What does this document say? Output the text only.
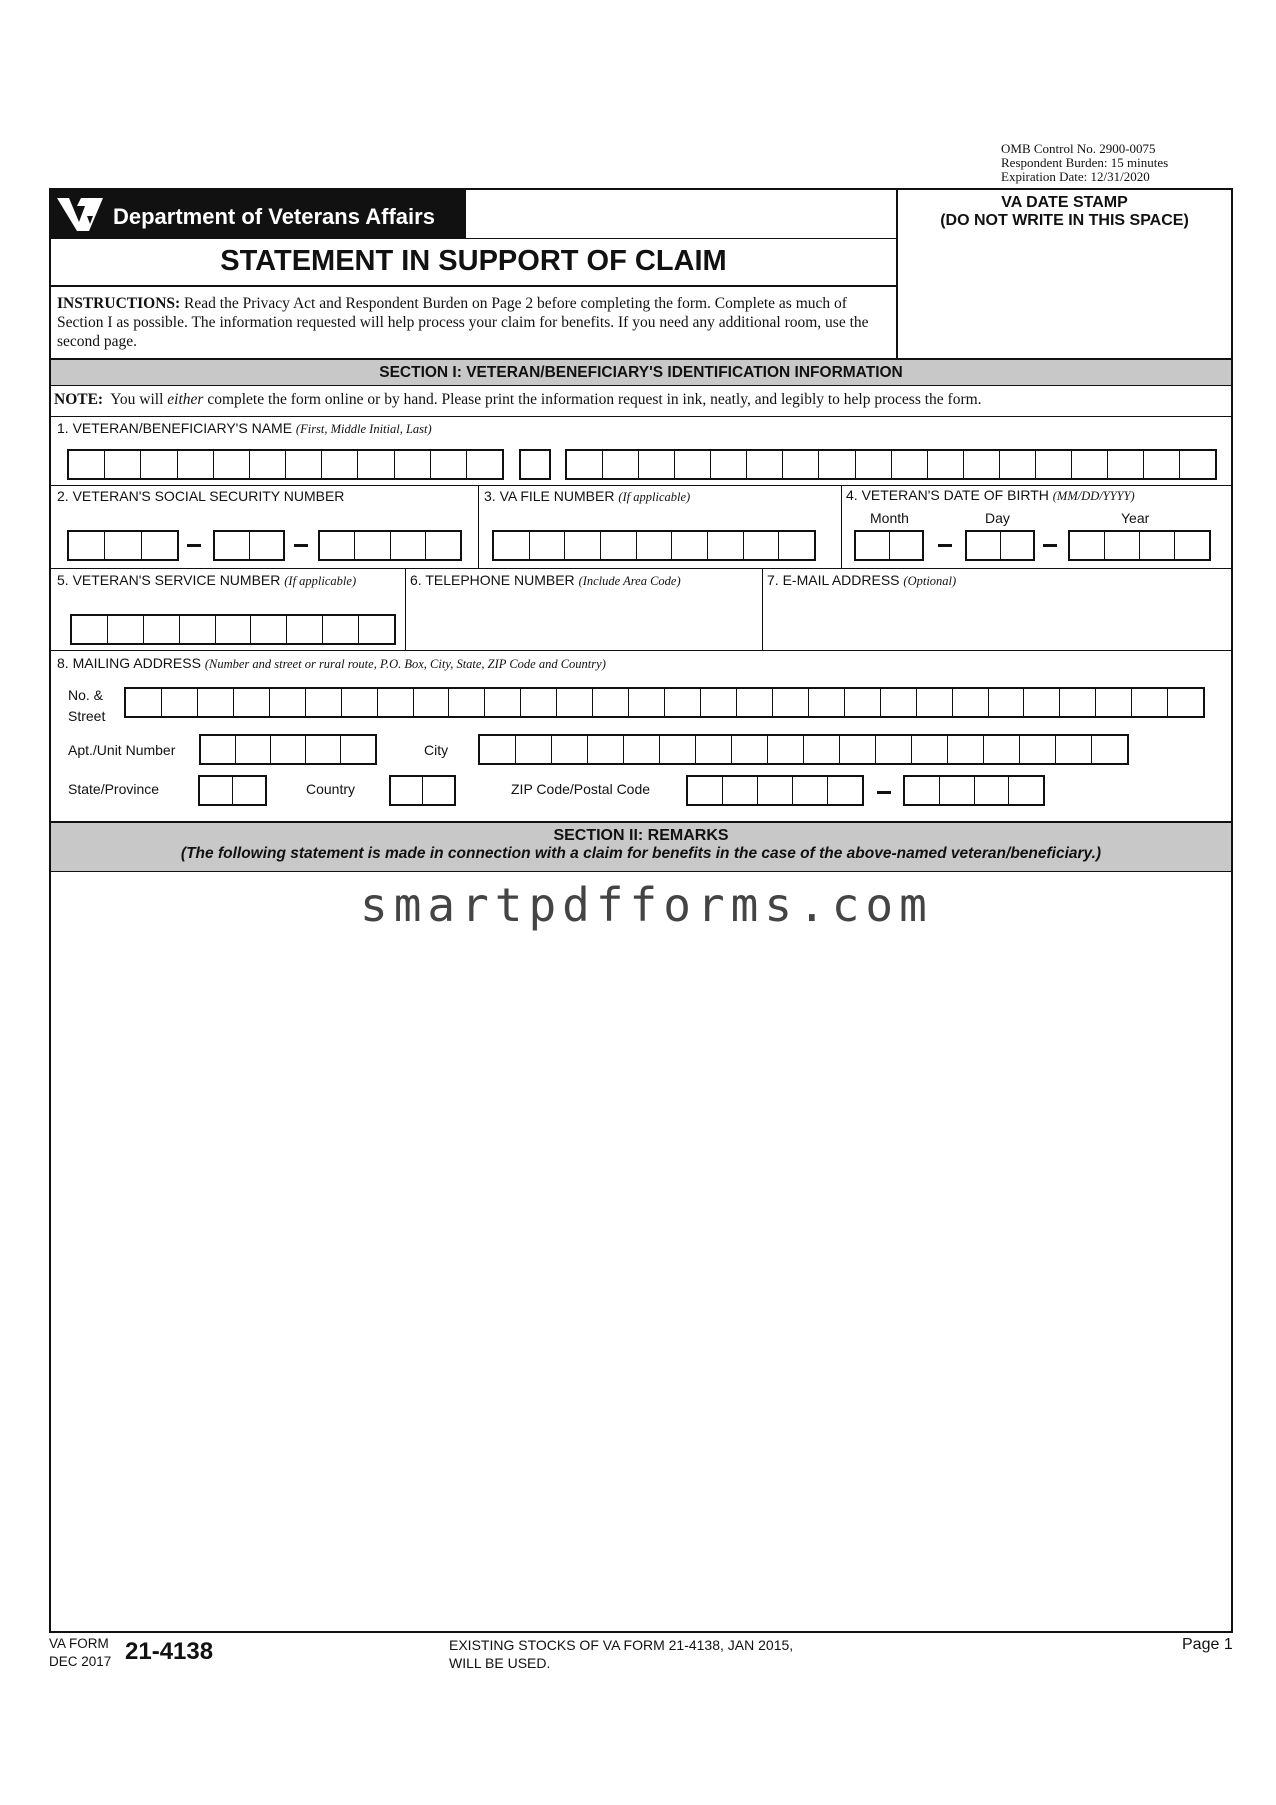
OMB Control No. 2900-0075
Respondent Burden: 15 minutes
Expiration Date: 12/31/2020
Department of Veterans Affairs
VA DATE STAMP
(DO NOT WRITE IN THIS SPACE)
STATEMENT IN SUPPORT OF CLAIM
INSTRUCTIONS: Read the Privacy Act and Respondent Burden on Page 2 before completing the form. Complete as much of Section I as possible. The information requested will help process your claim for benefits. If you need any additional room, use the second page.
SECTION I: VETERAN/BENEFICIARY'S IDENTIFICATION INFORMATION
NOTE:  You will either complete the form online or by hand. Please print the information request in ink, neatly, and legibly to help process the form.
1. VETERAN/BENEFICIARY'S NAME (First, Middle Initial, Last)
2. VETERAN'S SOCIAL SECURITY NUMBER	3. VA FILE NUMBER (If applicable)	4. VETERAN'S DATE OF BIRTH (MM/DD/YYYY)
Month	Day	Year
5. VETERAN'S SERVICE NUMBER (If applicable)	6. TELEPHONE NUMBER (Include Area Code)	7. E-MAIL ADDRESS (Optional)
8. MAILING ADDRESS (Number and street or rural route, P.O. Box, City, State, ZIP Code and Country)
No. &
Street
Apt./Unit Number	City
State/Province	Country	ZIP Code/Postal Code
SECTION II: REMARKS
(The following statement is made in connection with a claim for benefits in the case of the above-named veteran/beneficiary.)
smartpdfforms.com
VA FORM
DEC 2017 21-4138	EXISTING STOCKS OF VA FORM 21-4138, JAN 2015,
WILL BE USED.
Page 1
